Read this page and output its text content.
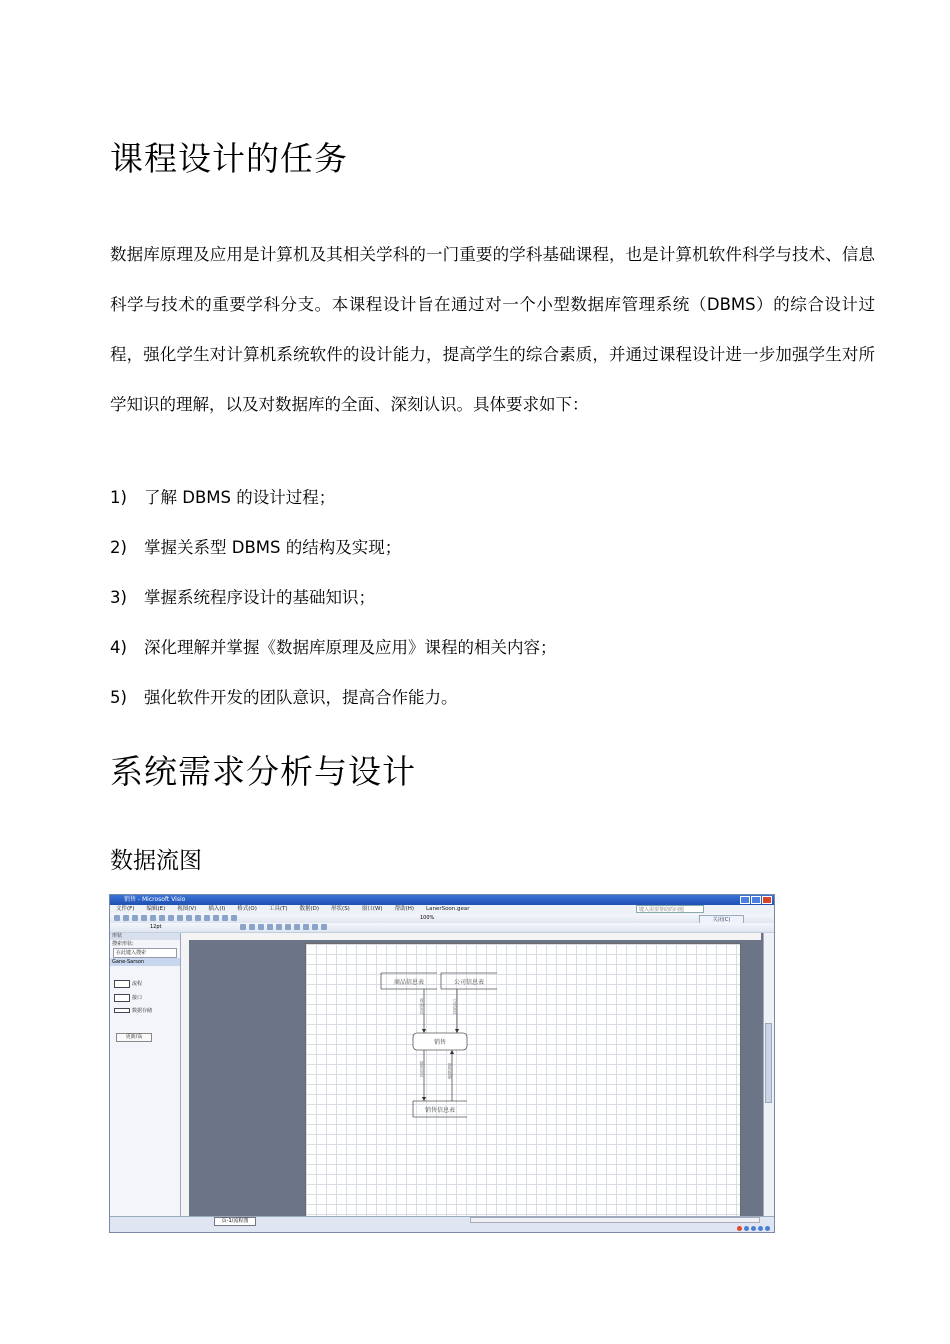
课程设计的任务

数据库原理及应用是计算机及其相关学科的一门重要的学科基础课程，也是计算机软件科学与技术、信息科学与技术的重要学科分支。本课程设计旨在通过对一个小型数据库管理系统（DBMS）的综合设计过程，强化学生对计算机系统软件的设计能力，提高学生的综合素质，并通过课程设计进一步加强学生对所学知识的理解，以及对数据库的全面、深刻认识。具体要求如下：

1) 了解 DBMS 的设计过程；
2) 掌握关系型 DBMS 的结构及实现；
3) 掌握系统程序设计的基础知识；
4) 深化理解并掌握《数据库原理及应用》课程的相关内容；
5) 强化软件开发的团队意识，提高合作能力。
系统需求分析与设计
数据流图
销售 - Microsoft Visio
文件(F) 编辑(E) 视图(V) 插入(I) 格式(O) 工具(T) 数据(D) 形状(S) 窗口(W) 帮助(H) LanerSoon.gear	键入需要帮助的问题
100%	关闭(C)
12pt
形状
搜索形状:
在此键入搜索
Gane-Sarson
流程
接口
数据存储
更新/高
商品信息表	公司信息表
销售
销售信息表
商品信息	公司信息
销售信息	销售数据
页-1/流程图
